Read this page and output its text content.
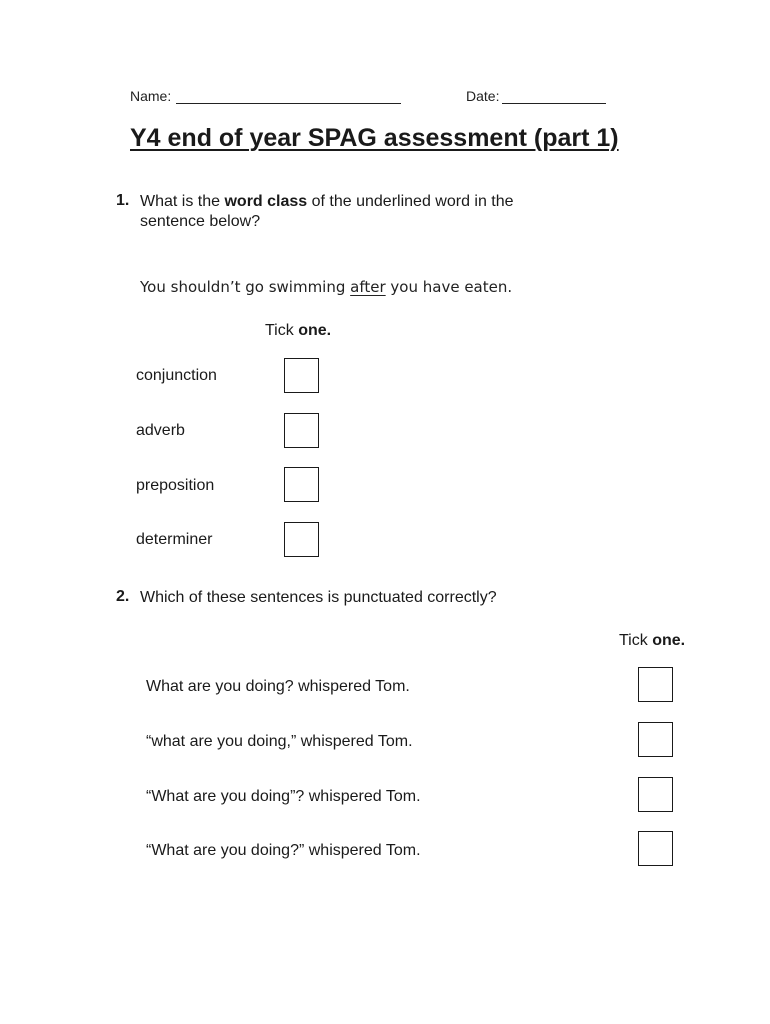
Name:	Date:
Y4 end of year SPAG assessment (part 1)
1. What is the word class of the underlined word in the sentence below?
You shouldn’t go swimming after you have eaten.
Tick one.
conjunction
adverb
preposition
determiner
2. Which of these sentences is punctuated correctly?
Tick one.
What are you doing? whispered Tom.
“what are you doing,” whispered Tom.
“What are you doing”? whispered Tom.
“What are you doing?” whispered Tom.
